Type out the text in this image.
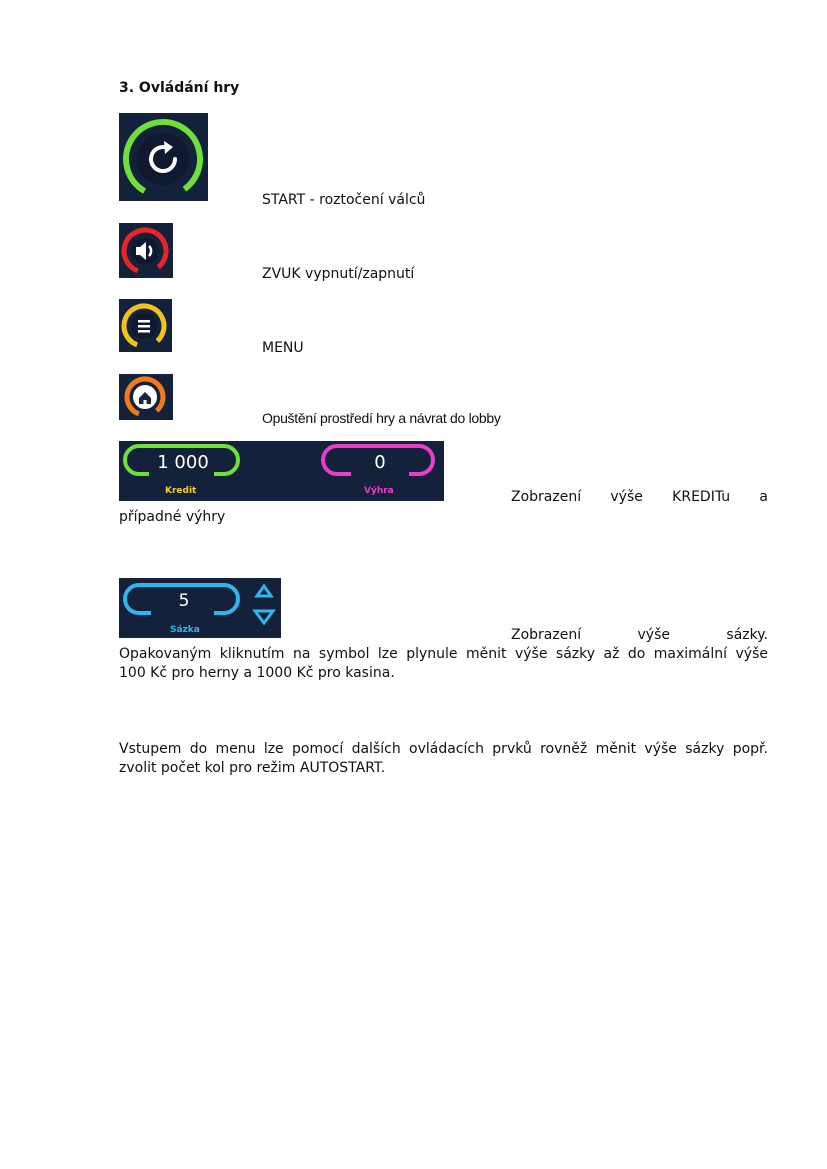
3. Ovládání hry
START - roztočení válců
ZVUK vypnutí/zapnutí
MENU
Opuštění prostředí hry a návrat do lobby
1 000
Kredit
0
Výhra	Zobrazení výše KREDITu a
případné výhry
5
Sázka	Zobrazení	výše	sázky.
Opakovaným kliknutím na symbol lze plynule měnit výše sázky až do maximální výše
100 Kč pro herny a 1000 Kč pro kasina.
Vstupem do menu lze pomocí dalších ovládacích prvků rovněž měnit výše sázky popř.
zvolit počet kol pro režim AUTOSTART.
